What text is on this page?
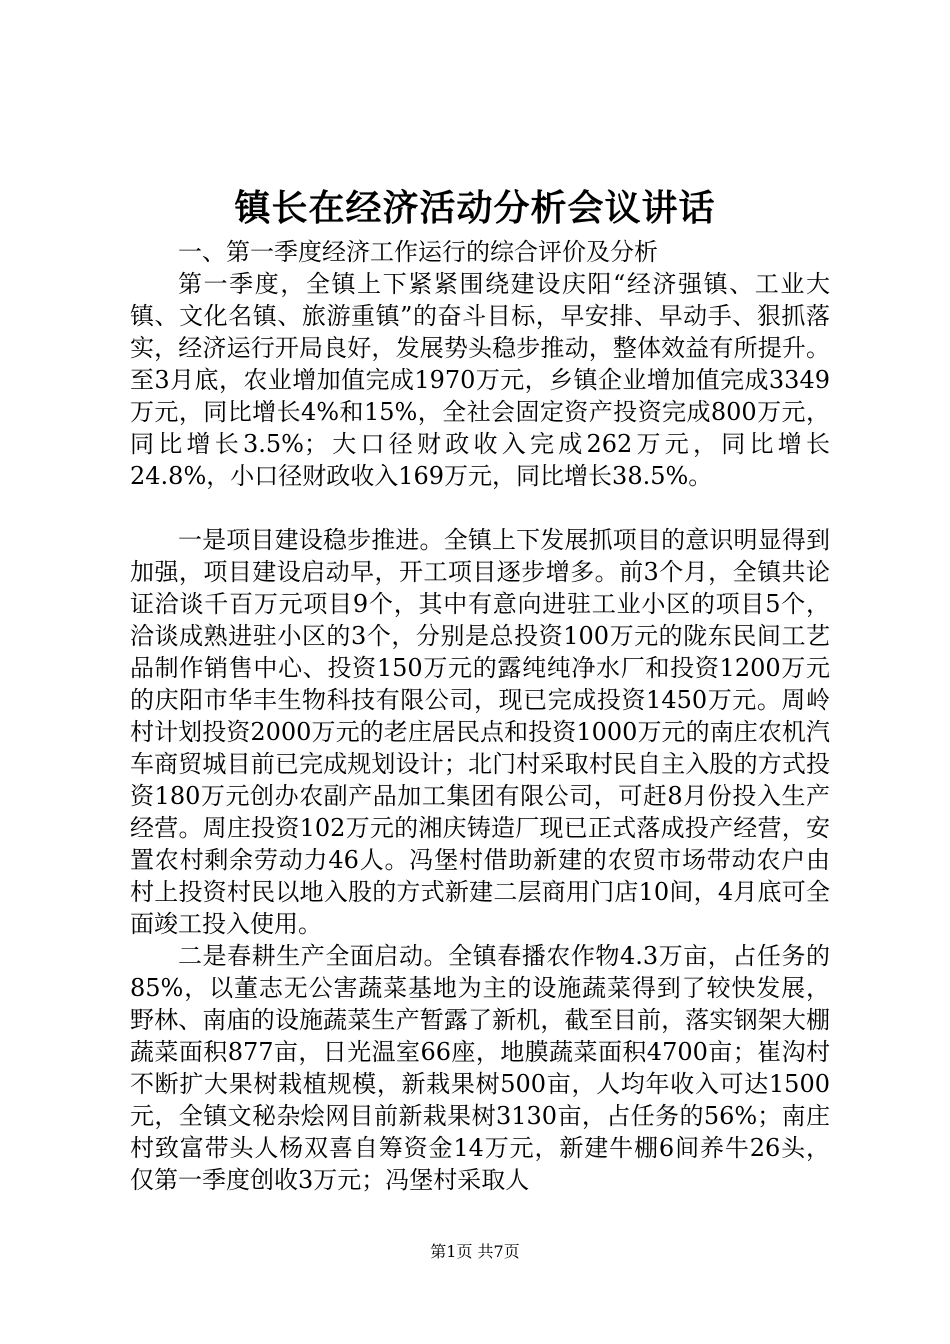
镇长在经济活动分析会议讲话

一、第一季度经济工作运行的综合评价及分析

第一季度，全镇上下紧紧围绕建设庆阳“经济强镇、工业大镇、文化名镇、旅游重镇”的奋斗目标，早安排、早动手、狠抓落实，经济运行开局良好，发展势头稳步推动，整体效益有所提升。至3月底，农业增加值完成1970万元，乡镇企业增加值完成3349万元，同比增长4%和15%，全社会固定资产投资完成800万元，同比增长3.5%；大口径财政收入完成262万元，同比增长24.8%，小口径财政收入169万元，同比增长38.5%。

一是项目建设稳步推进。全镇上下发展抓项目的意识明显得到加强，项目建设启动早，开工项目逐步增多。前3个月，全镇共论证洽谈千百万元项目9个，其中有意向进驻工业小区的项目5个，洽谈成熟进驻小区的3个，分别是总投资100万元的陇东民间工艺品制作销售中心、投资150万元的露纯纯净水厂和投资1200万元的庆阳市华丰生物科技有限公司，现已完成投资1450万元。周岭村计划投资2000万元的老庄居民点和投资1000万元的南庄农机汽车商贸城目前已完成规划设计；北门村采取村民自主入股的方式投资180万元创办农副产品加工集团有限公司，可赶8月份投入生产经营。周庄投资102万元的湘庆铸造厂现已正式落成投产经营，安置农村剩余劳动力46人。冯堡村借助新建的农贸市场带动农户由村上投资村民以地入股的方式新建二层商用门店10间，4月底可全面竣工投入使用。

二是春耕生产全面启动。全镇春播农作物4.3万亩，占任务的85%，以董志无公害蔬菜基地为主的设施蔬菜得到了较快发展，野林、南庙的设施蔬菜生产暂露了新机，截至目前，落实钢架大棚蔬菜面积877亩，日光温室66座，地膜蔬菜面积4700亩；崔沟村不断扩大果树栽植规模，新栽果树500亩，人均年收入可达1500元，全镇文秘杂烩网目前新栽果树3130亩，占任务的56%；南庄村致富带头人杨双喜自筹资金14万元，新建牛棚6间养牛26头，仅第一季度创收3万元；冯堡村采取人

第1页 共7页
